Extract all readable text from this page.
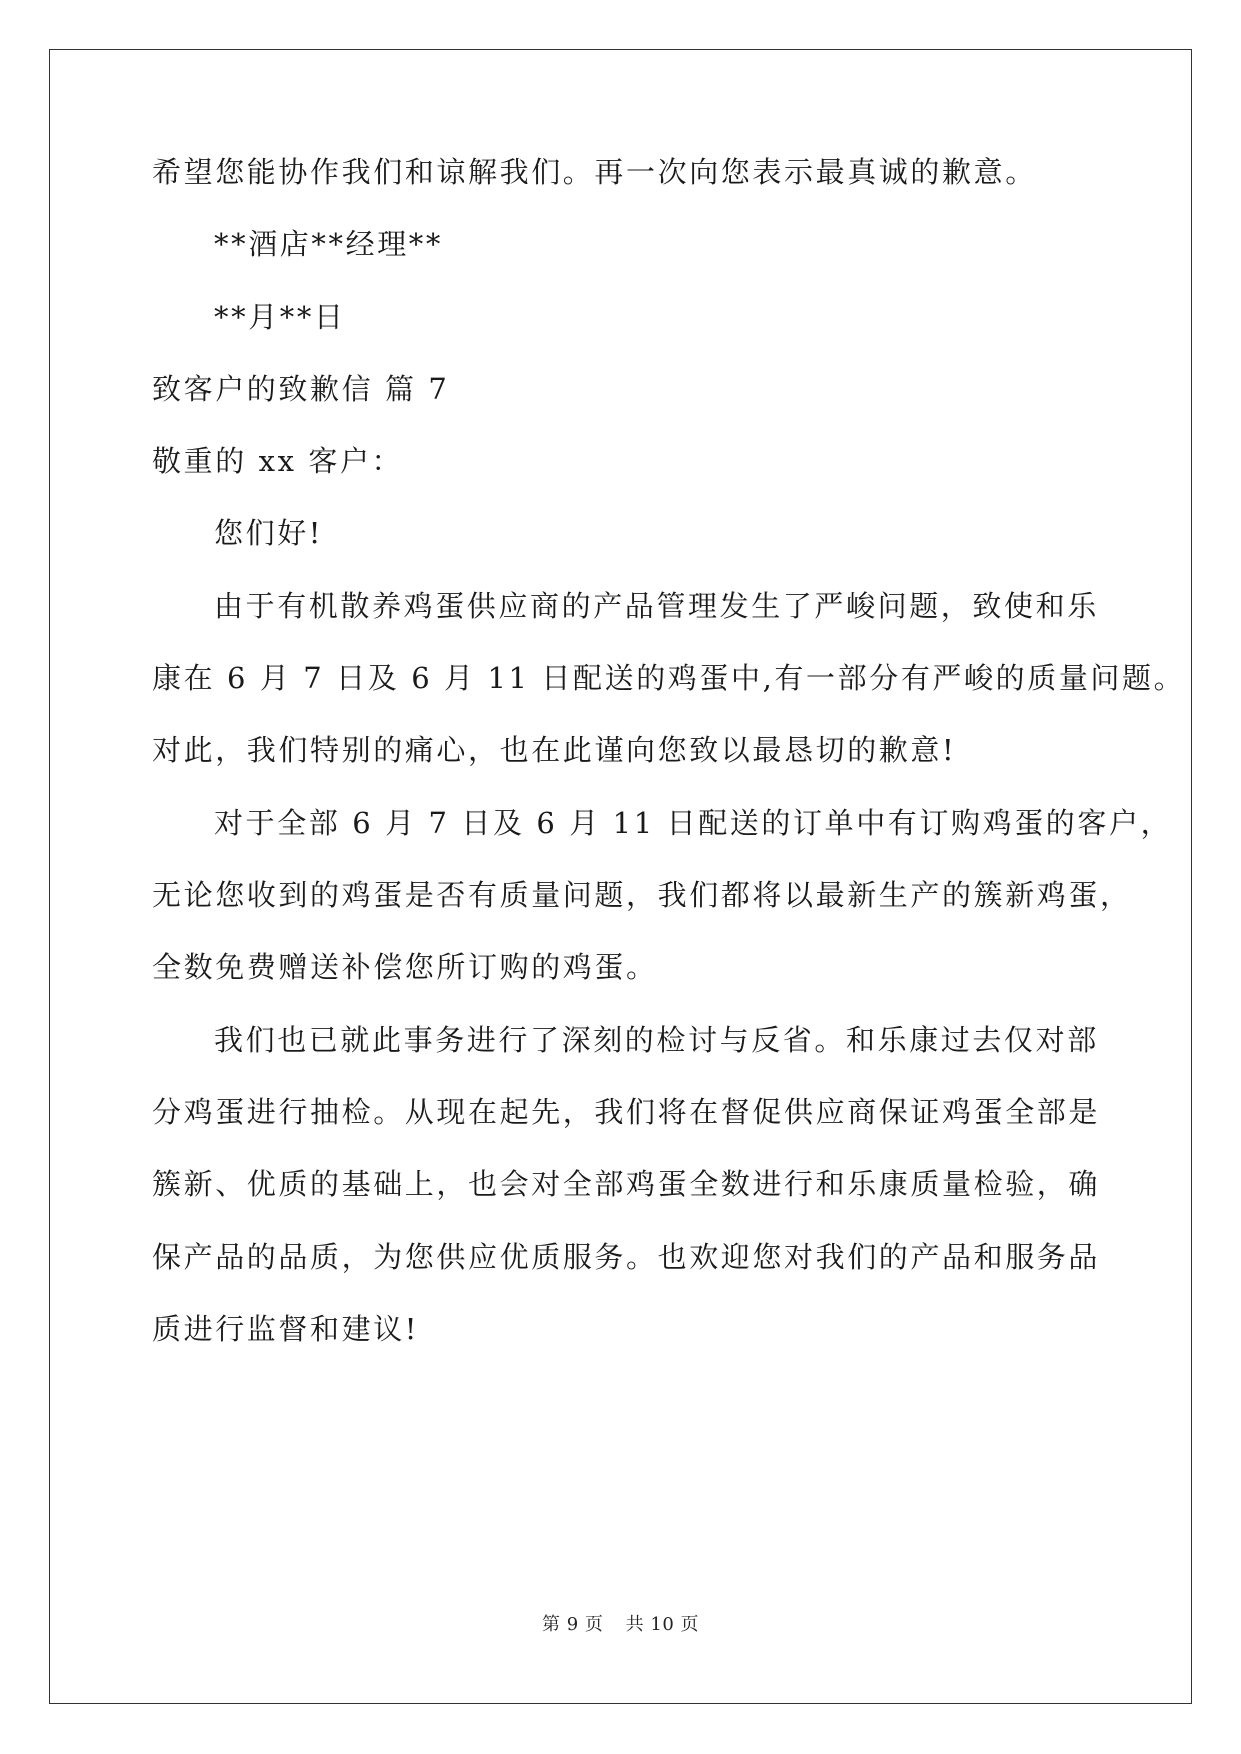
希望您能协作我们和谅解我们。再一次向您表示最真诚的歉意。
**酒店**经理**
**月**日
致客户的致歉信 篇 7
敬重的 xx 客户：
您们好!
由于有机散养鸡蛋供应商的产品管理发生了严峻问题，致使和乐
康在 6 月 7 日及 6 月 11 日配送的鸡蛋中,有一部分有严峻的质量问题。
对此，我们特别的痛心，也在此谨向您致以最恳切的歉意!
对于全部 6 月 7 日及 6 月 11 日配送的订单中有订购鸡蛋的客户，
无论您收到的鸡蛋是否有质量问题，我们都将以最新生产的簇新鸡蛋，
全数免费赠送补偿您所订购的鸡蛋。
我们也已就此事务进行了深刻的检讨与反省。和乐康过去仅对部
分鸡蛋进行抽检。从现在起先，我们将在督促供应商保证鸡蛋全部是
簇新、优质的基础上，也会对全部鸡蛋全数进行和乐康质量检验，确
保产品的品质，为您供应优质服务。也欢迎您对我们的产品和服务品
质进行监督和建议!
第 9 页 共 10 页
